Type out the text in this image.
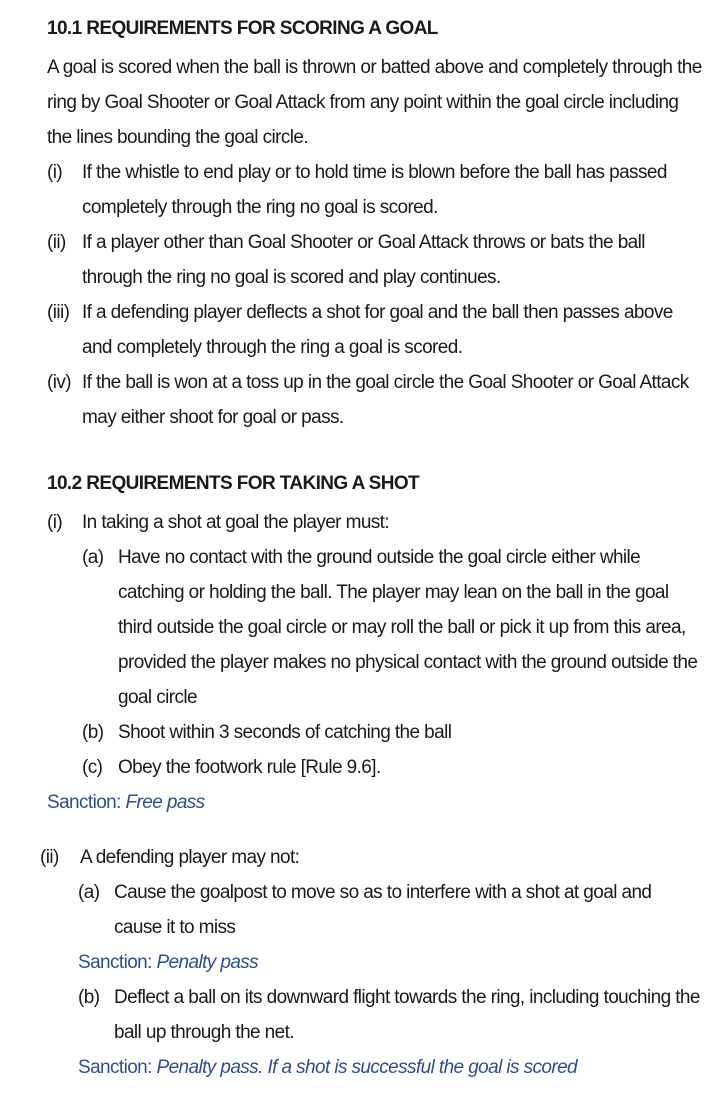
10.1 REQUIREMENTS FOR SCORING A GOAL

A goal is scored when the ball is thrown or batted above and completely through the ring by Goal Shooter or Goal Attack from any point within the goal circle including the lines bounding the goal circle.

(i)	If the whistle to end play or to hold time is blown before the ball has passed completely through the ring no goal is scored.
(ii) If a player other than Goal Shooter or Goal Attack throws or bats the ball through the ring no goal is scored and play continues.
(iii) If a defending player deflects a shot for goal and the ball then passes above and completely through the ring a goal is scored.
(iv) If the ball is won at a toss up in the goal circle the Goal Shooter or Goal Attack may either shoot for goal or pass.
10.2 REQUIREMENTS FOR TAKING A SHOT
(i)	In taking a shot at goal the player must:
(a) Have no contact with the ground outside the goal circle either while catching or holding the ball. The player may lean on the ball in the goal third outside the goal circle or may roll the ball or pick it up from this area, provided the player makes no physical contact with the ground outside the goal circle
(b) Shoot within 3 seconds of catching the ball
(c) Obey the footwork rule [Rule 9.6].
Sanction: Free pass
(ii)	A defending player may not:
(a) Cause the goalpost to move so as to interfere with a shot at goal and cause it to miss
Sanction: Penalty pass
(b) Deflect a ball on its downward flight towards the ring, including touching the ball up through the net.
Sanction: Penalty pass. If a shot is successful the goal is scored
